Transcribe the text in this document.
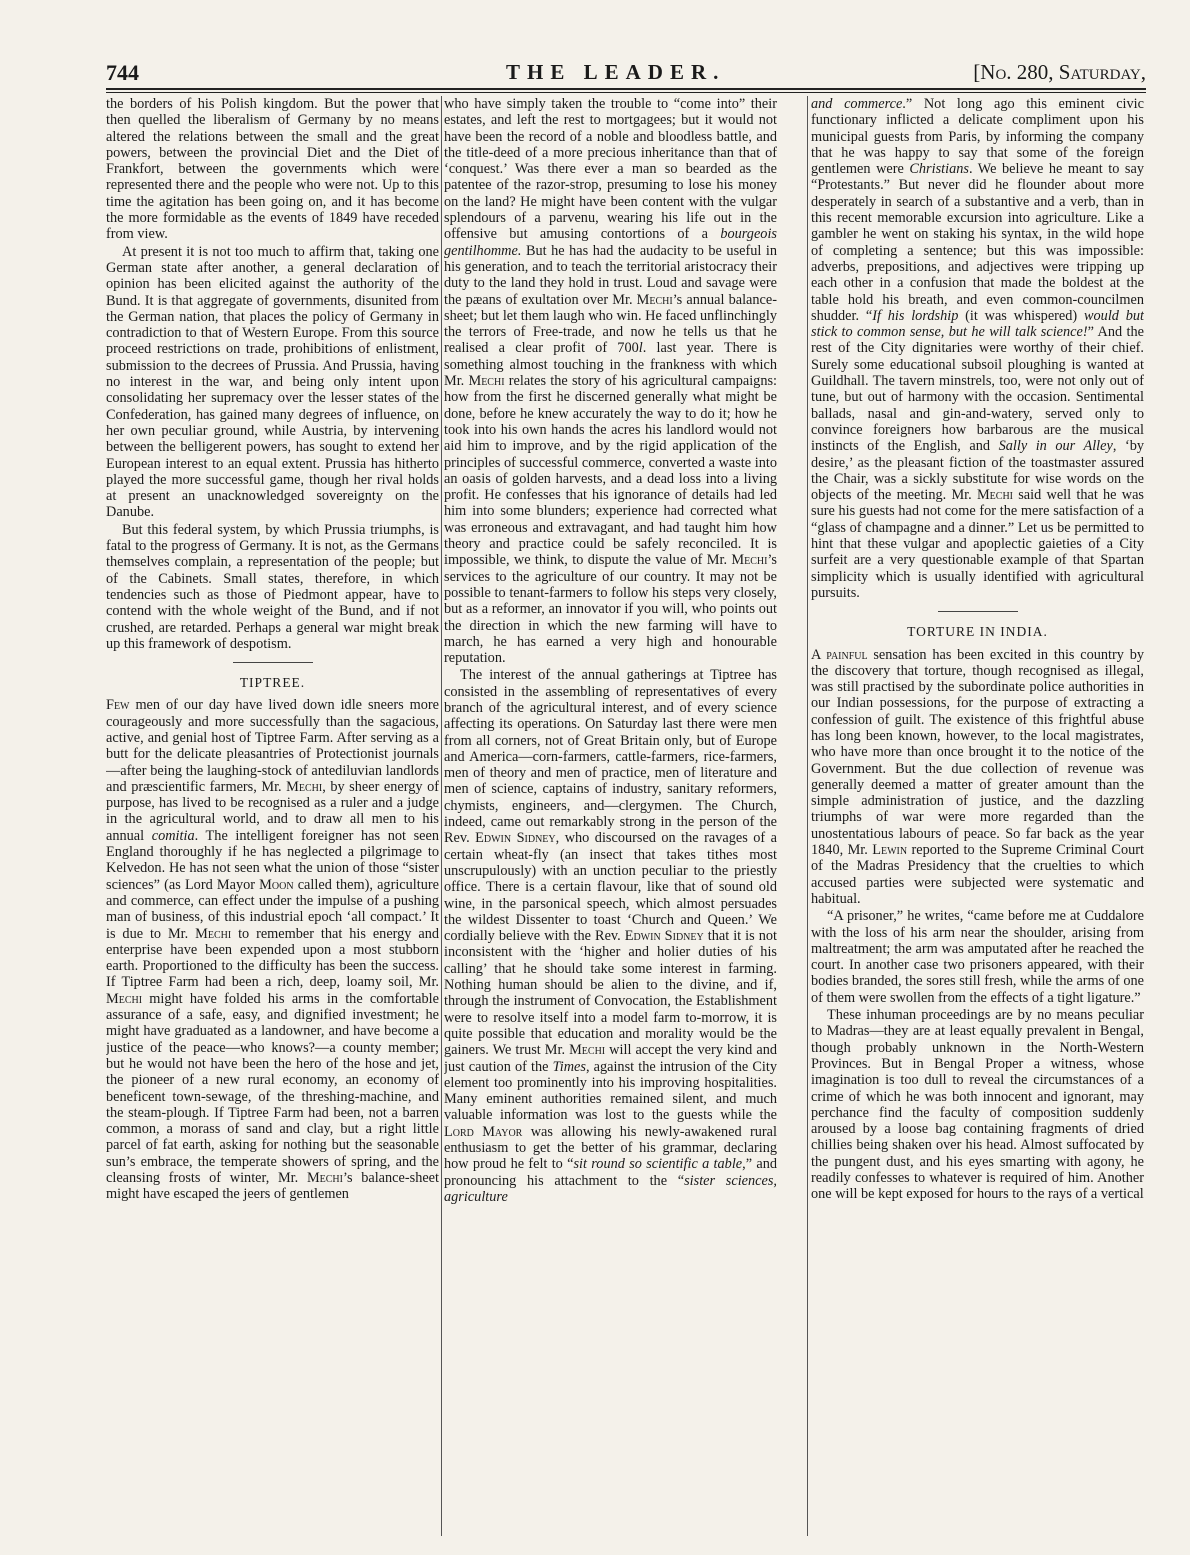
744	THE LEADER.	[No. 280, Saturday,

the borders of his Polish kingdom. But the power that then quelled the liberalism of Germany by no means altered the relations between the small and the great powers, between the provincial Diet and the Diet of Frankfort, between the governments which were represented there and the people who were not. Up to this time the agitation has been going on, and it has become the more formidable as the events of 1849 have receded from view.

At present it is not too much to affirm that, taking one German state after another, a general declaration of opinion has been elicited against the authority of the Bund. It is that aggregate of governments, disunited from the German nation, that places the policy of Germany in contradiction to that of Western Europe. From this source proceed restrictions on trade, prohibitions of enlistment, submission to the decrees of Prussia. And Prussia, having no interest in the war, and being only intent upon consolidating her supremacy over the lesser states of the Confederation, has gained many degrees of influence, on her own peculiar ground, while Austria, by intervening between the belligerent powers, has sought to extend her European interest to an equal extent. Prussia has hitherto played the more successful game, though her rival holds at present an unacknowledged sovereignty on the Danube.

But this federal system, by which Prussia triumphs, is fatal to the progress of Germany. It is not, as the Germans themselves complain, a representation of the people; but of the Cabinets. Small states, therefore, in which tendencies such as those of Piedmont appear, have to contend with the whole weight of the Bund, and if not crushed, are retarded. Perhaps a general war might break up this framework of despotism.

TIPTREE.

Few men of our day have lived down idle sneers more courageously and more successfully than the sagacious, active, and genial host of Tiptree Farm. After serving as a butt for the delicate pleasantries of Protectionist journals—after being the laughing-stock of antediluvian landlords and præscientific farmers, Mr. Mechi, by sheer energy of purpose, has lived to be recognised as a ruler and a judge in the agricultural world, and to draw all men to his annual comitia. The intelligent foreigner has not seen England thoroughly if he has neglected a pilgrimage to Kelvedon. He has not seen what the union of those “sister sciences” (as Lord Mayor Moon called them), agriculture and commerce, can effect under the impulse of a pushing man of business, of this industrial epoch ‘all compact.’ It is due to Mr. Mechi to remember that his energy and enterprise have been expended upon a most stubborn earth. Proportioned to the difficulty has been the success. If Tiptree Farm had been a rich, deep, loamy soil, Mr. Mechi might have folded his arms in the comfortable assurance of a safe, easy, and dignified investment; he might have graduated as a landowner, and have become a justice of the peace—who knows?—a county member; but he would not have been the hero of the hose and jet, the pioneer of a new rural economy, an economy of beneficent town-sewage, of the threshing-machine, and the steam-plough. If Tiptree Farm had been, not a barren common, a morass of sand and clay, but a right little parcel of fat earth, asking for nothing but the seasonable sun’s embrace, the temperate showers of spring, and the cleansing frosts of winter, Mr. Mechi’s balance-sheet might have escaped the jeers of gentlemen

who have simply taken the trouble to “come into” their estates, and left the rest to mortgagees; but it would not have been the record of a noble and bloodless battle, and the title-deed of a more precious inheritance than that of ‘conquest.’ Was there ever a man so bearded as the patentee of the razor-strop, presuming to lose his money on the land? He might have been content with the vulgar splendours of a parvenu, wearing his life out in the offensive but amusing contortions of a bourgeois gentilhomme. But he has had the audacity to be useful in his generation, and to teach the territorial aristocracy their duty to the land they hold in trust. Loud and savage were the pæans of exultation over Mr. Mechi’s annual balance-sheet; but let them laugh who win. He faced unflinchingly the terrors of Free-trade, and now he tells us that he realised a clear profit of 700l. last year. There is something almost touching in the frankness with which Mr. Mechi relates the story of his agricultural campaigns: how from the first he discerned generally what might be done, before he knew accurately the way to do it; how he took into his own hands the acres his landlord would not aid him to improve, and by the rigid application of the principles of successful commerce, converted a waste into an oasis of golden harvests, and a dead loss into a living profit. He confesses that his ignorance of details had led him into some blunders; experience had corrected what was erroneous and extravagant, and had taught him how theory and practice could be safely reconciled. It is impossible, we think, to dispute the value of Mr. Mechi’s services to the agriculture of our country. It may not be possible to tenant-farmers to follow his steps very closely, but as a reformer, an innovator if you will, who points out the direction in which the new farming will have to march, he has earned a very high and honourable reputation.

The interest of the annual gatherings at Tiptree has consisted in the assembling of representatives of every branch of the agricultural interest, and of every science affecting its operations. On Saturday last there were men from all corners, not of Great Britain only, but of Europe and America—corn-farmers, cattle-farmers, rice-farmers, men of theory and men of practice, men of literature and men of science, captains of industry, sanitary reformers, chymists, engineers, and—clergymen. The Church, indeed, came out remarkably strong in the person of the Rev. Edwin Sidney, who discoursed on the ravages of a certain wheat-fly (an insect that takes tithes most unscrupulously) with an unction peculiar to the priestly office. There is a certain flavour, like that of sound old wine, in the parsonical speech, which almost persuades the wildest Dissenter to toast ‘Church and Queen.’ We cordially believe with the Rev. Edwin Sidney that it is not inconsistent with the ‘higher and holier duties of his calling’ that he should take some interest in farming. Nothing human should be alien to the divine, and if, through the instrument of Convocation, the Establishment were to resolve itself into a model farm to-morrow, it is quite possible that education and morality would be the gainers. We trust Mr. Mechi will accept the very kind and just caution of the Times, against the intrusion of the City element too prominently into his improving hospitalities. Many eminent authorities remained silent, and much valuable information was lost to the guests while the Lord Mayor was allowing his newly-awakened rural enthusiasm to get the better of his grammar, declaring how proud he felt to “sit round so scientific a table,” and pronouncing his attachment to the “sister sciences, agriculture

and commerce.” Not long ago this eminent civic functionary inflicted a delicate compliment upon his municipal guests from Paris, by informing the company that he was happy to say that some of the foreign gentlemen were Christians. We believe he meant to say “Protestants.” But never did he flounder about more desperately in search of a substantive and a verb, than in this recent memorable excursion into agriculture. Like a gambler he went on staking his syntax, in the wild hope of completing a sentence; but this was impossible: adverbs, prepositions, and adjectives were tripping up each other in a confusion that made the boldest at the table hold his breath, and even common-councilmen shudder. “If his lordship (it was whispered) would but stick to common sense, but he will talk science!” And the rest of the City dignitaries were worthy of their chief. Surely some educational subsoil ploughing is wanted at Guildhall. The tavern minstrels, too, were not only out of tune, but out of harmony with the occasion. Sentimental ballads, nasal and gin-and-watery, served only to convince foreigners how barbarous are the musical instincts of the English, and Sally in our Alley, ‘by desire,’ as the pleasant fiction of the toastmaster assured the Chair, was a sickly substitute for wise words on the objects of the meeting. Mr. Mechi said well that he was sure his guests had not come for the mere satisfaction of a “glass of champagne and a dinner.” Let us be permitted to hint that these vulgar and apoplectic gaieties of a City surfeit are a very questionable example of that Spartan simplicity which is usually identified with agricultural pursuits.

TORTURE IN INDIA.

A painful sensation has been excited in this country by the discovery that torture, though recognised as illegal, was still practised by the subordinate police authorities in our Indian possessions, for the purpose of extracting a confession of guilt. The existence of this frightful abuse has long been known, however, to the local magistrates, who have more than once brought it to the notice of the Government. But the due collection of revenue was generally deemed a matter of greater amount than the simple administration of justice, and the dazzling triumphs of war were more regarded than the unostentatious labours of peace. So far back as the year 1840, Mr. Lewin reported to the Supreme Criminal Court of the Madras Presidency that the cruelties to which accused parties were subjected were systematic and habitual.

“A prisoner,” he writes, “came before me at Cuddalore with the loss of his arm near the shoulder, arising from maltreatment; the arm was amputated after he reached the court. In another case two prisoners appeared, with their bodies branded, the sores still fresh, while the arms of one of them were swollen from the effects of a tight ligature.”

These inhuman proceedings are by no means peculiar to Madras—they are at least equally prevalent in Bengal, though probably unknown in the North-Western Provinces. But in Bengal Proper a witness, whose imagination is too dull to reveal the circumstances of a crime of which he was both innocent and ignorant, may perchance find the faculty of composition suddenly aroused by a loose bag containing fragments of dried chillies being shaken over his head. Almost suffocated by the pungent dust, and his eyes smarting with agony, he readily confesses to whatever is required of him. Another one will be kept exposed for hours to the rays of a vertical
